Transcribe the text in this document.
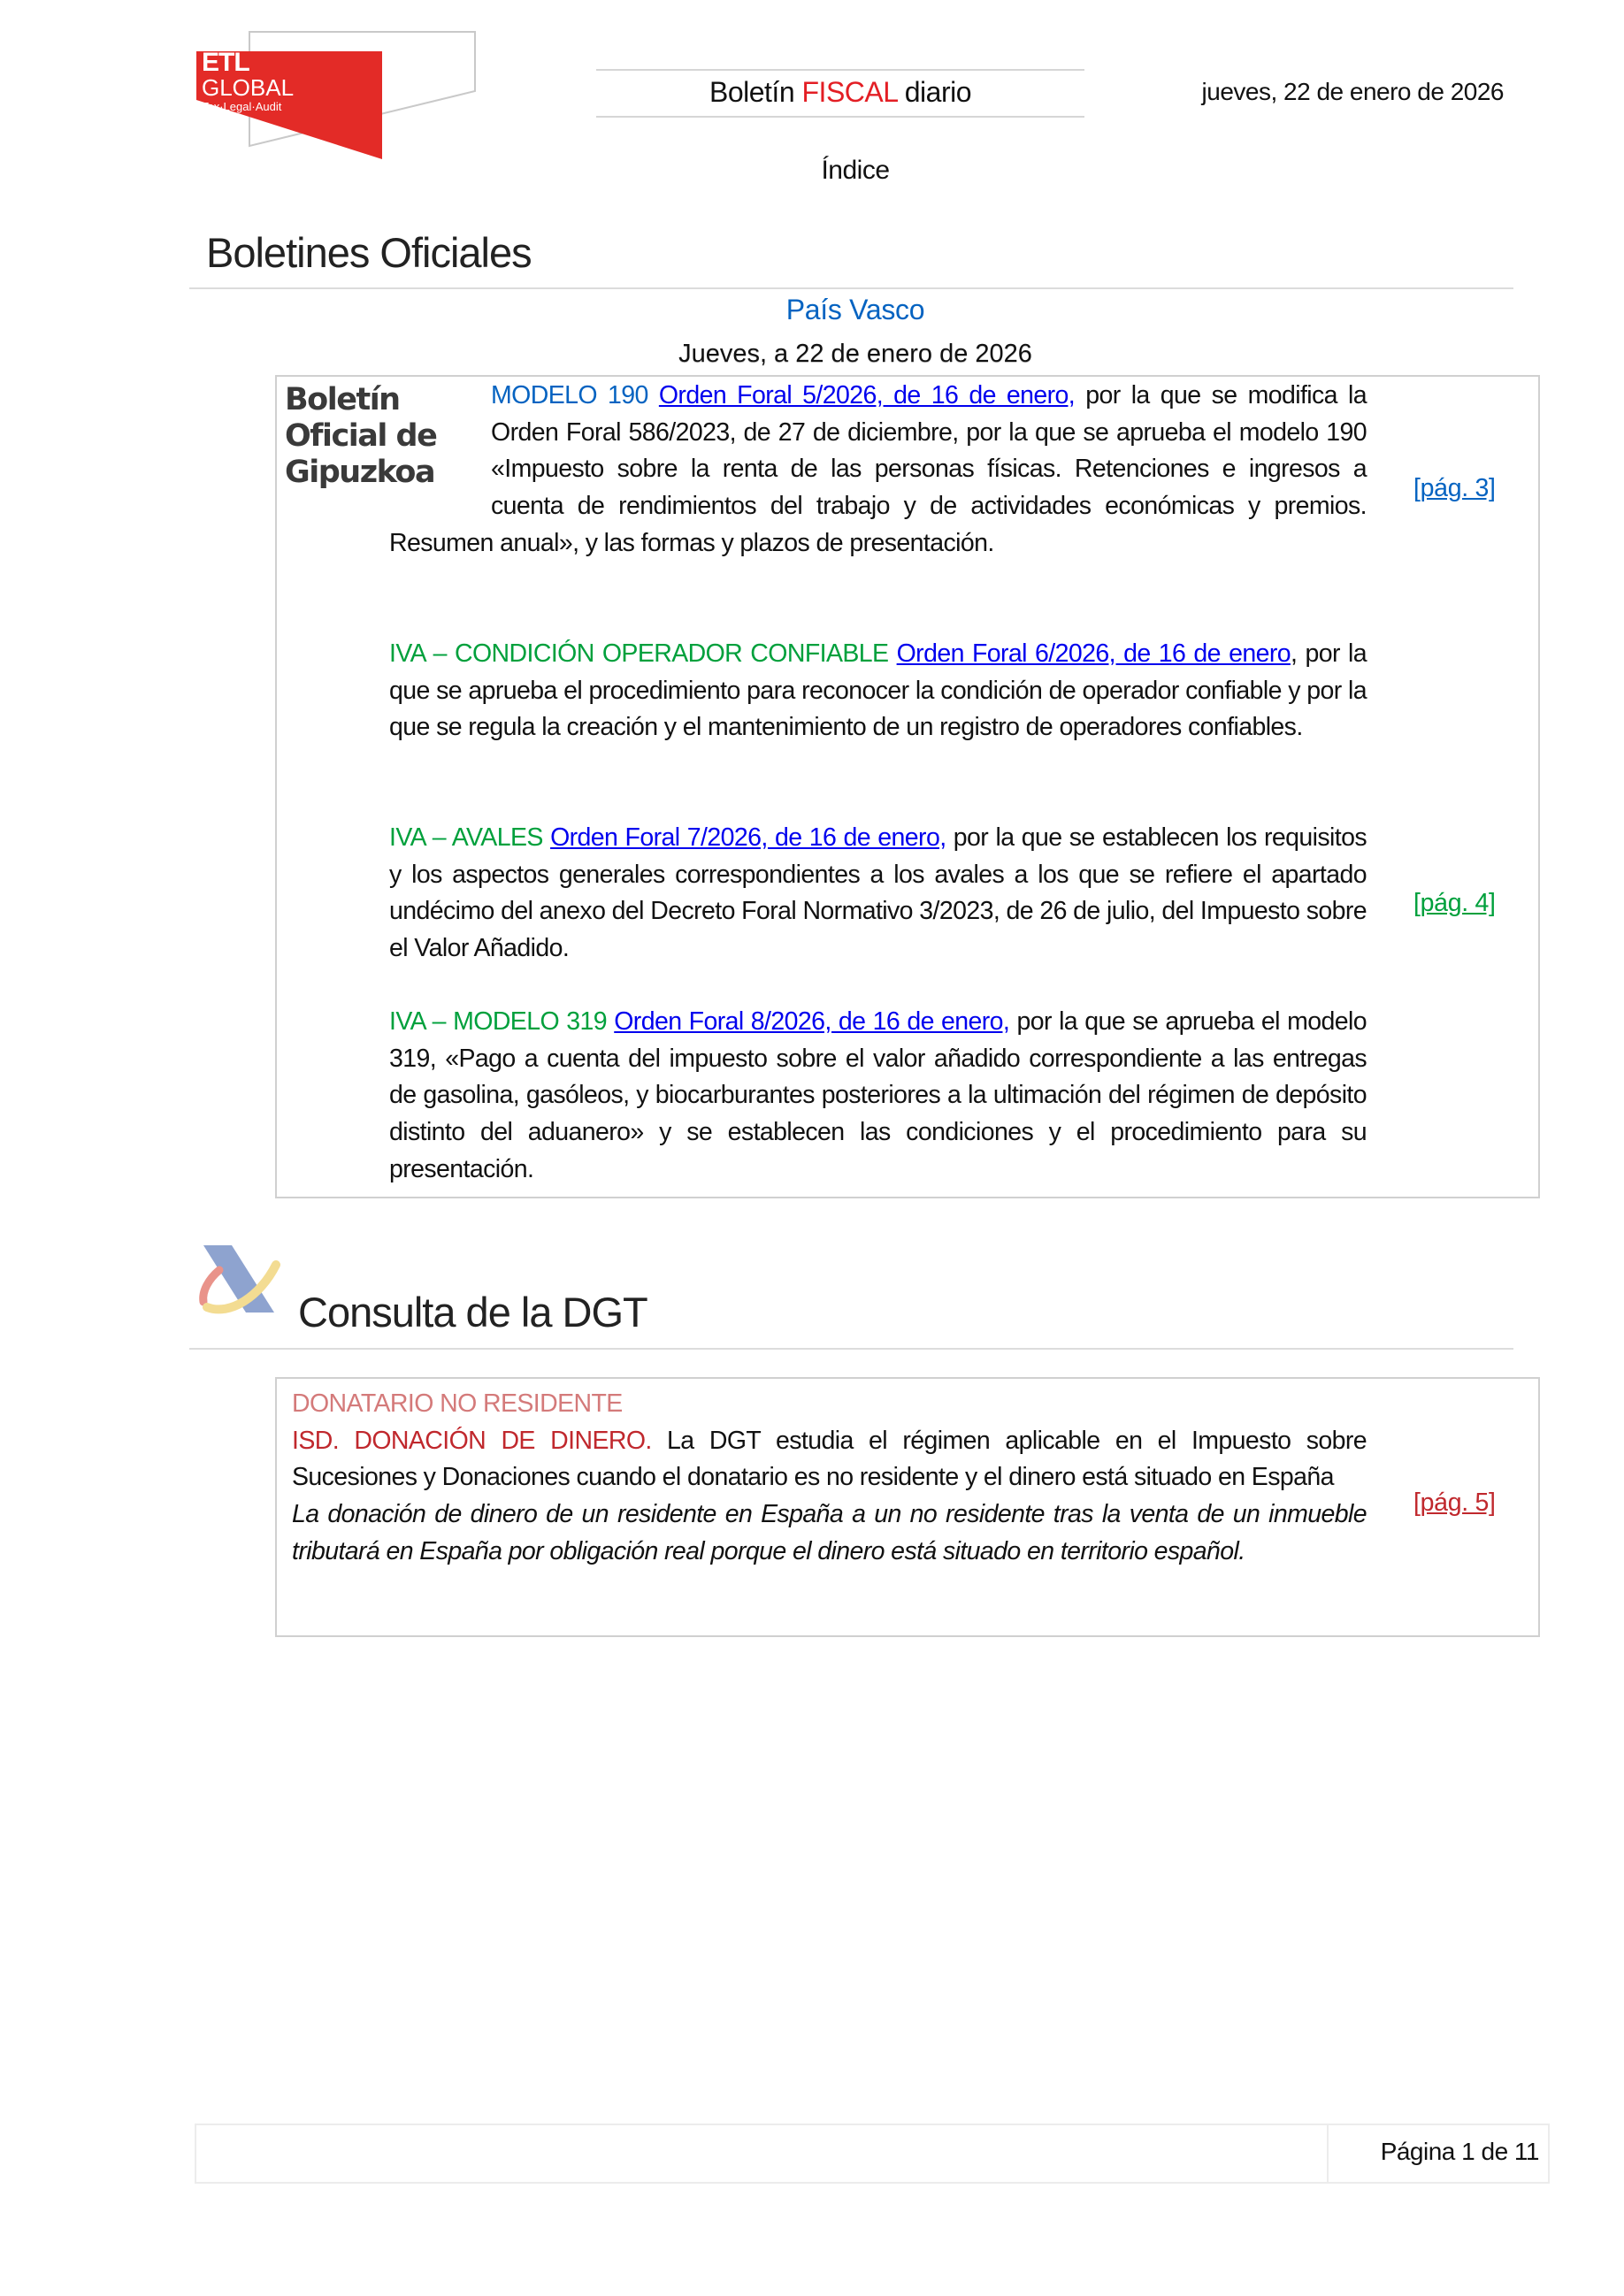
ETL
GLOBAL
Tax·Legal·Audit	Boletín FISCAL diario	jueves, 22 de enero de 2026
Índice
Boletines Oficiales
País Vasco
Jueves, a 22 de enero de 2026
Boletín
Oficial de
Gipuzkoa
MODELO 190 Orden Foral 5/2026, de 16 de enero, por la que se modifica la Orden Foral 586/2023, de 27 de diciembre, por la que se aprueba el modelo 190 «Impuesto sobre la renta de las personas físicas. Retenciones e ingresos a cuenta de rendimientos del trabajo y de actividades económicas y premios. Resumen anual», y las formas y plazos de presentación.
[pág. 3]
IVA – CONDICIÓN OPERADOR CONFIABLE Orden Foral 6/2026, de 16 de enero, por la que se aprueba el procedimiento para reconocer la condición de operador confiable y por la que se regula la creación y el mantenimiento de un registro de operadores confiables.
IVA – AVALES Orden Foral 7/2026, de 16 de enero, por la que se establecen los requisitos y los aspectos generales correspondientes a los avales a los que se refiere el apartado undécimo del anexo del Decreto Foral Normativo 3/2023, de 26 de julio, del Impuesto sobre el Valor Añadido.
[pág. 4]
IVA – MODELO 319 Orden Foral 8/2026, de 16 de enero, por la que se aprueba el modelo 319, «Pago a cuenta del impuesto sobre el valor añadido correspondiente a las entregas de gasolina, gasóleos, y biocarburantes posteriores a la ultimación del régimen de depósito distinto del aduanero» y se establecen las condiciones y el procedimiento para su presentación.
Consulta de la DGT
DONATARIO NO RESIDENTE
ISD. DONACIÓN DE DINERO. La DGT estudia el régimen aplicable en el Impuesto sobre Sucesiones y Donaciones cuando el donatario es no residente y el dinero está situado en España
La donación de dinero de un residente en España a un no residente tras la venta de un inmueble tributará en España por obligación real porque el dinero está situado en territorio español.
[pág. 5]
Página 1 de 11
